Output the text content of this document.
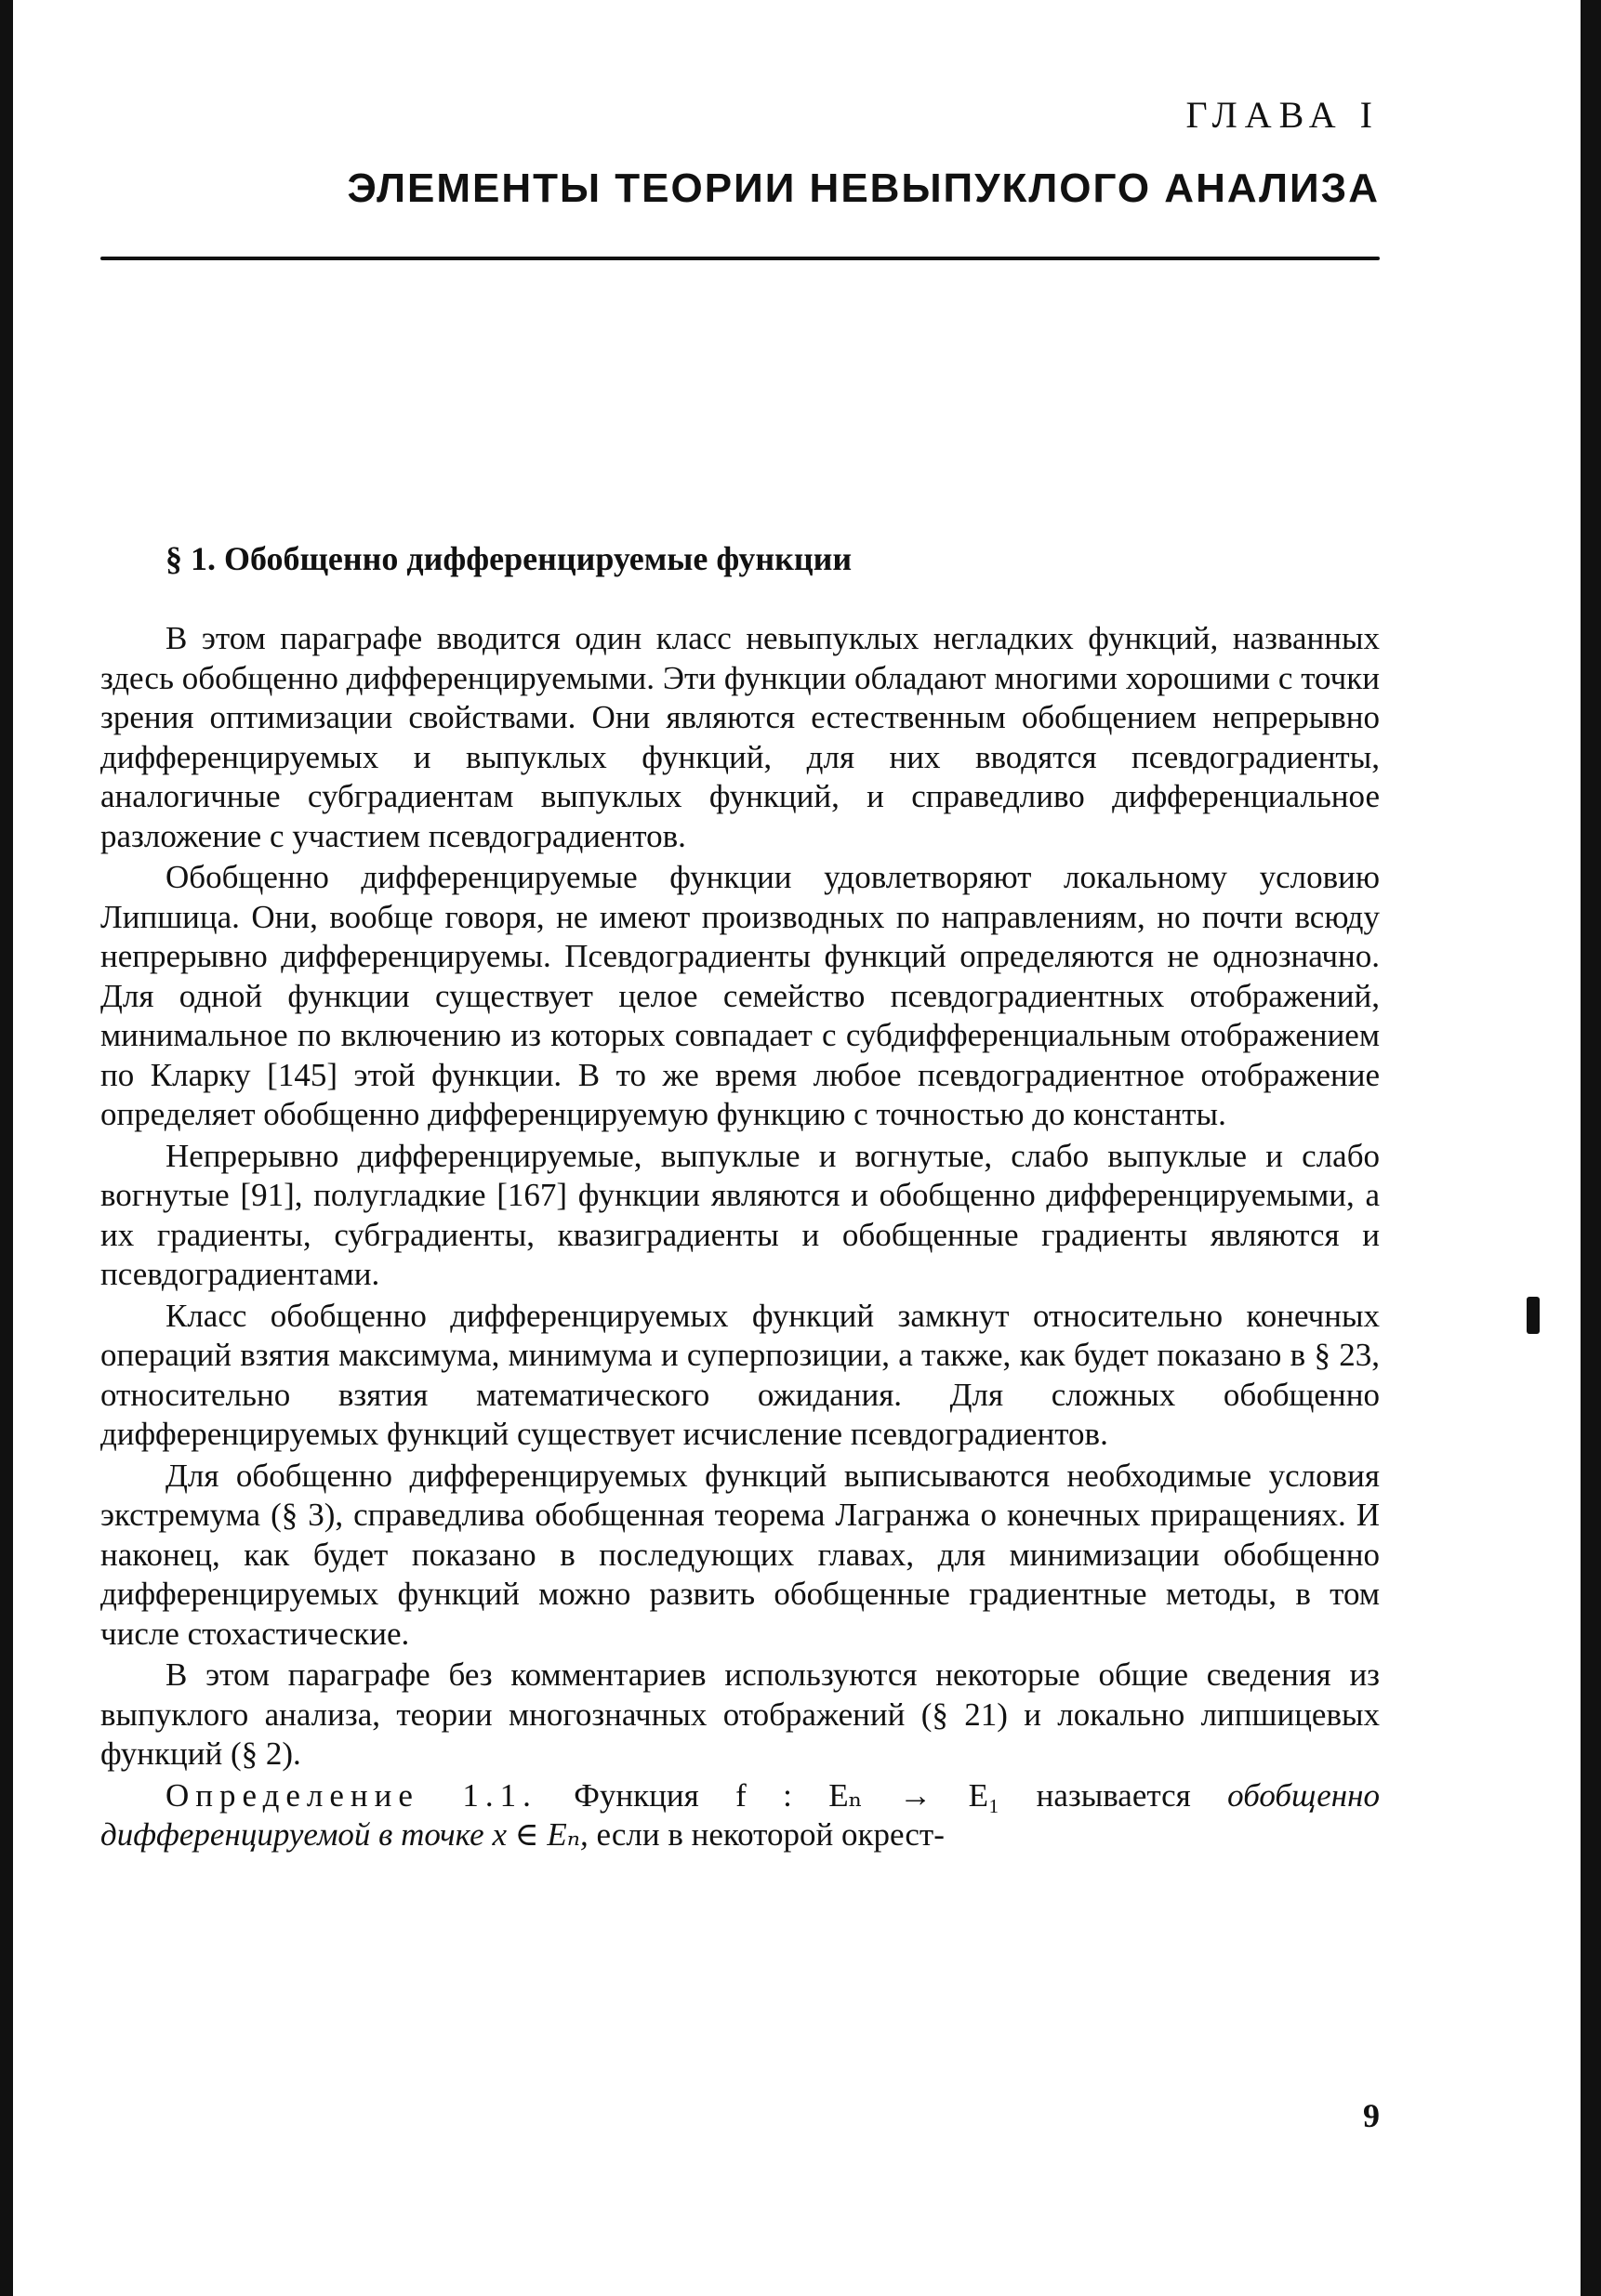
ГЛАВА I
ЭЛЕМЕНТЫ ТЕОРИИ НЕВЫПУКЛОГО АНАЛИЗА
§ 1. Обобщенно дифференцируемые функции

В этом параграфе вводится один класс невыпуклых негладких функций, названных здесь обобщенно дифференцируемыми. Эти функции обладают многими хорошими с точки зрения оптимизации свойствами. Они являются естественным обобщением непрерывно дифференцируемых и выпуклых функций, для них вводятся псевдоградиенты, аналогичные субградиентам выпуклых функций, и справедливо дифференциальное разложение с участием псевдоградиентов.

Обобщенно дифференцируемые функции удовлетворяют локальному условию Липшица. Они, вообще говоря, не имеют производных по направлениям, но почти всюду непрерывно дифференцируемы. Псевдоградиенты функций определяются не однозначно. Для одной функции существует целое семейство псевдоградиентных отображений, минимальное по включению из которых совпадает с субдифференциальным отображением по Кларку [145] этой функции. В то же время любое псевдоградиентное отображение определяет обобщенно дифференцируемую функцию с точностью до константы.

Непрерывно дифференцируемые, выпуклые и вогнутые, слабо выпуклые и слабо вогнутые [91], полугладкие [167] функции являются и обобщенно дифференцируемыми, а их градиенты, субградиенты, квазиградиенты и обобщенные градиенты являются и псевдоградиентами.

Класс обобщенно дифференцируемых функций замкнут относительно конечных операций взятия максимума, минимума и суперпозиции, а также, как будет показано в § 23, относительно взятия математического ожидания. Для сложных обобщенно дифференцируемых функций существует исчисление псевдоградиентов.

Для обобщенно дифференцируемых функций выписываются необходимые условия экстремума (§ 3), справедлива обобщенная теорема Лагранжа о конечных приращениях. И наконец, как будет показано в последующих главах, для минимизации обобщенно дифференцируемых функций можно развить обобщенные градиентные методы, в том числе стохастические.

В этом параграфе без комментариев используются некоторые общие сведения из выпуклого анализа, теории многозначных отображений (§ 21) и локально липшицевых функций (§ 2).

Определение 1.1. Функция f : Eₙ → E₁ называется обобщенно дифференцируемой в точке x ∈ Eₙ, если в некоторой окрест-

9
